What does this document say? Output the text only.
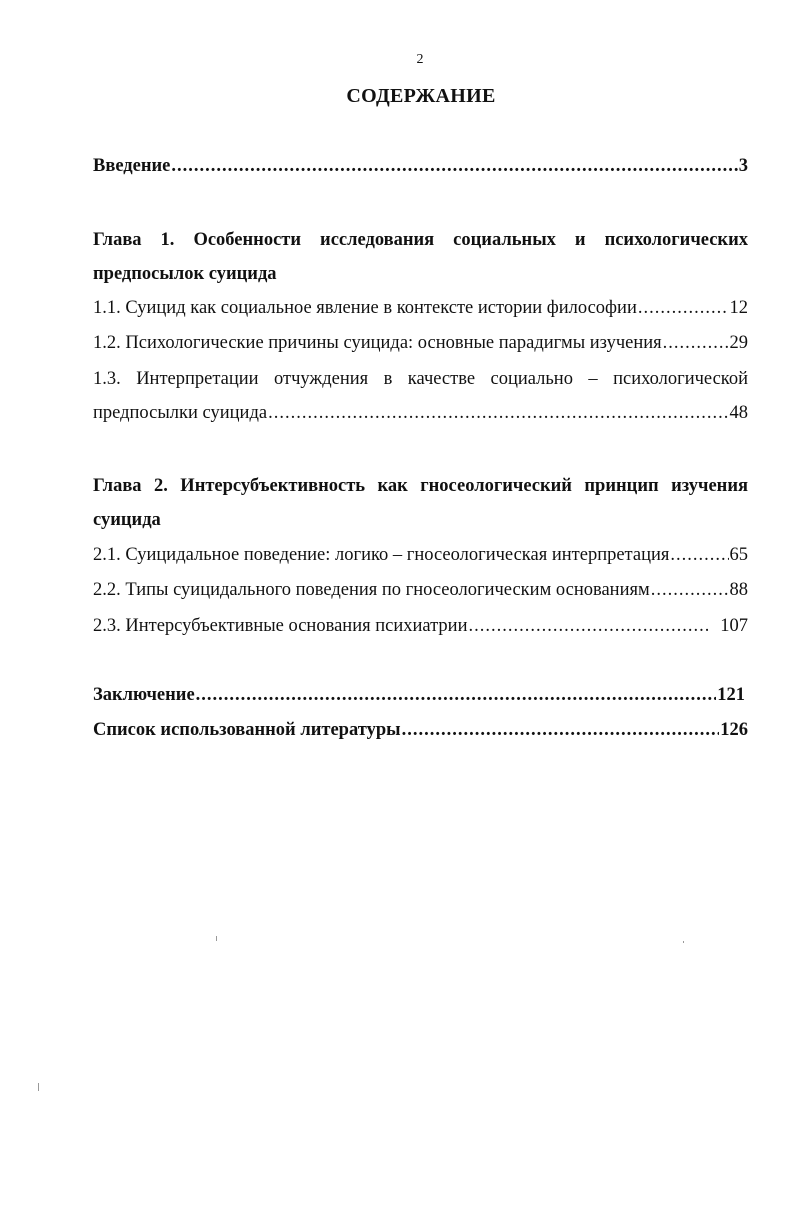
2
СОДЕРЖАНИЕ
Введение .....	3
Глава 1. Особенности исследования социальных и психологических
предпосылок суицида
1.1. Суицид как социальное явление в контексте истории философии .....	12
1.2. Психологические причины суицида: основные парадигмы изучения .....	29
1.3. Интерпретации отчуждения в качестве социально – психологической
предпосылки суицида .....	48
Глава 2. Интерсубъективность как гносеологический принцип изучения
суицида
2.1. Суицидальное поведение: логико – гносеологическая интерпретация .....	65
2.2. Типы суицидального поведения по гносеологическим основаниям .....	88
2.3. Интерсубъективные основания психиатрии .....	107
Заключение .....	121
Список использованной литературы .....	126
